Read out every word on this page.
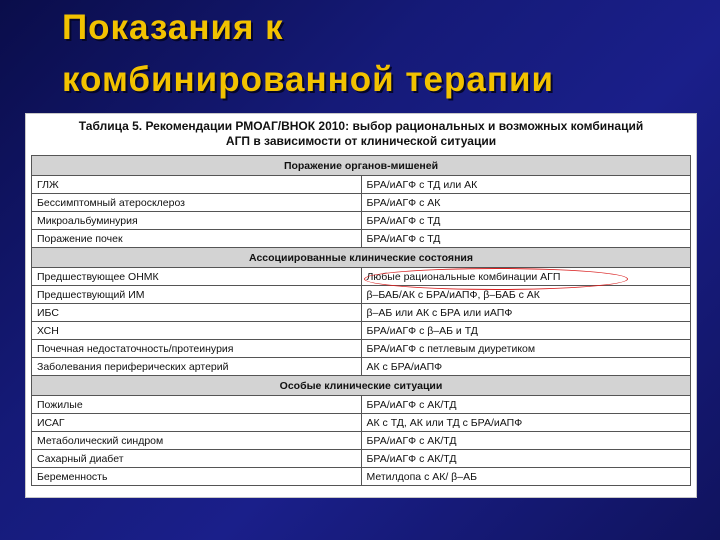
Показания к
комбинированной терапии
Таблица 5. Рекомендации РМОАГ/ВНОК 2010: выбор рациональных и возможных комбинаций
АГП в зависимости от клинической ситуации
Поражение органов-мишеней	
ГЛЖ	БРА/иАГФ с ТД или АК
Бессимптомный атеросклероз	БРА/иАГФ с АК
Микроальбуминурия	БРА/иАГФ с ТД
Поражение почек	БРА/иАГФ с ТД
Ассоциированные клинические состояния	
Предшествующее ОНМК	Любые рациональные комбинации АГП
Предшествующий ИМ	β–БАБ/АК с БРА/иАПФ, β–БАБ с АК
ИБС	β–АБ или АК с БРА или иАПФ
ХСН	БРА/иАГФ с β–АБ и ТД
Почечная недостаточность/протеинурия	БРА/иАГФ с петлевым диуретиком
Заболевания периферических артерий	АК с БРА/иАПФ
Особые клинические ситуации	
Пожилые	БРА/иАГФ с АК/ТД
ИСАГ	АК с ТД, АК или ТД с БРА/иАПФ
Метаболический синдром	БРА/иАГФ с АК/ТД
Сахарный диабет	БРА/иАГФ с АК/ТД
Беременность	Метилдопа с АК/ β–АБ
